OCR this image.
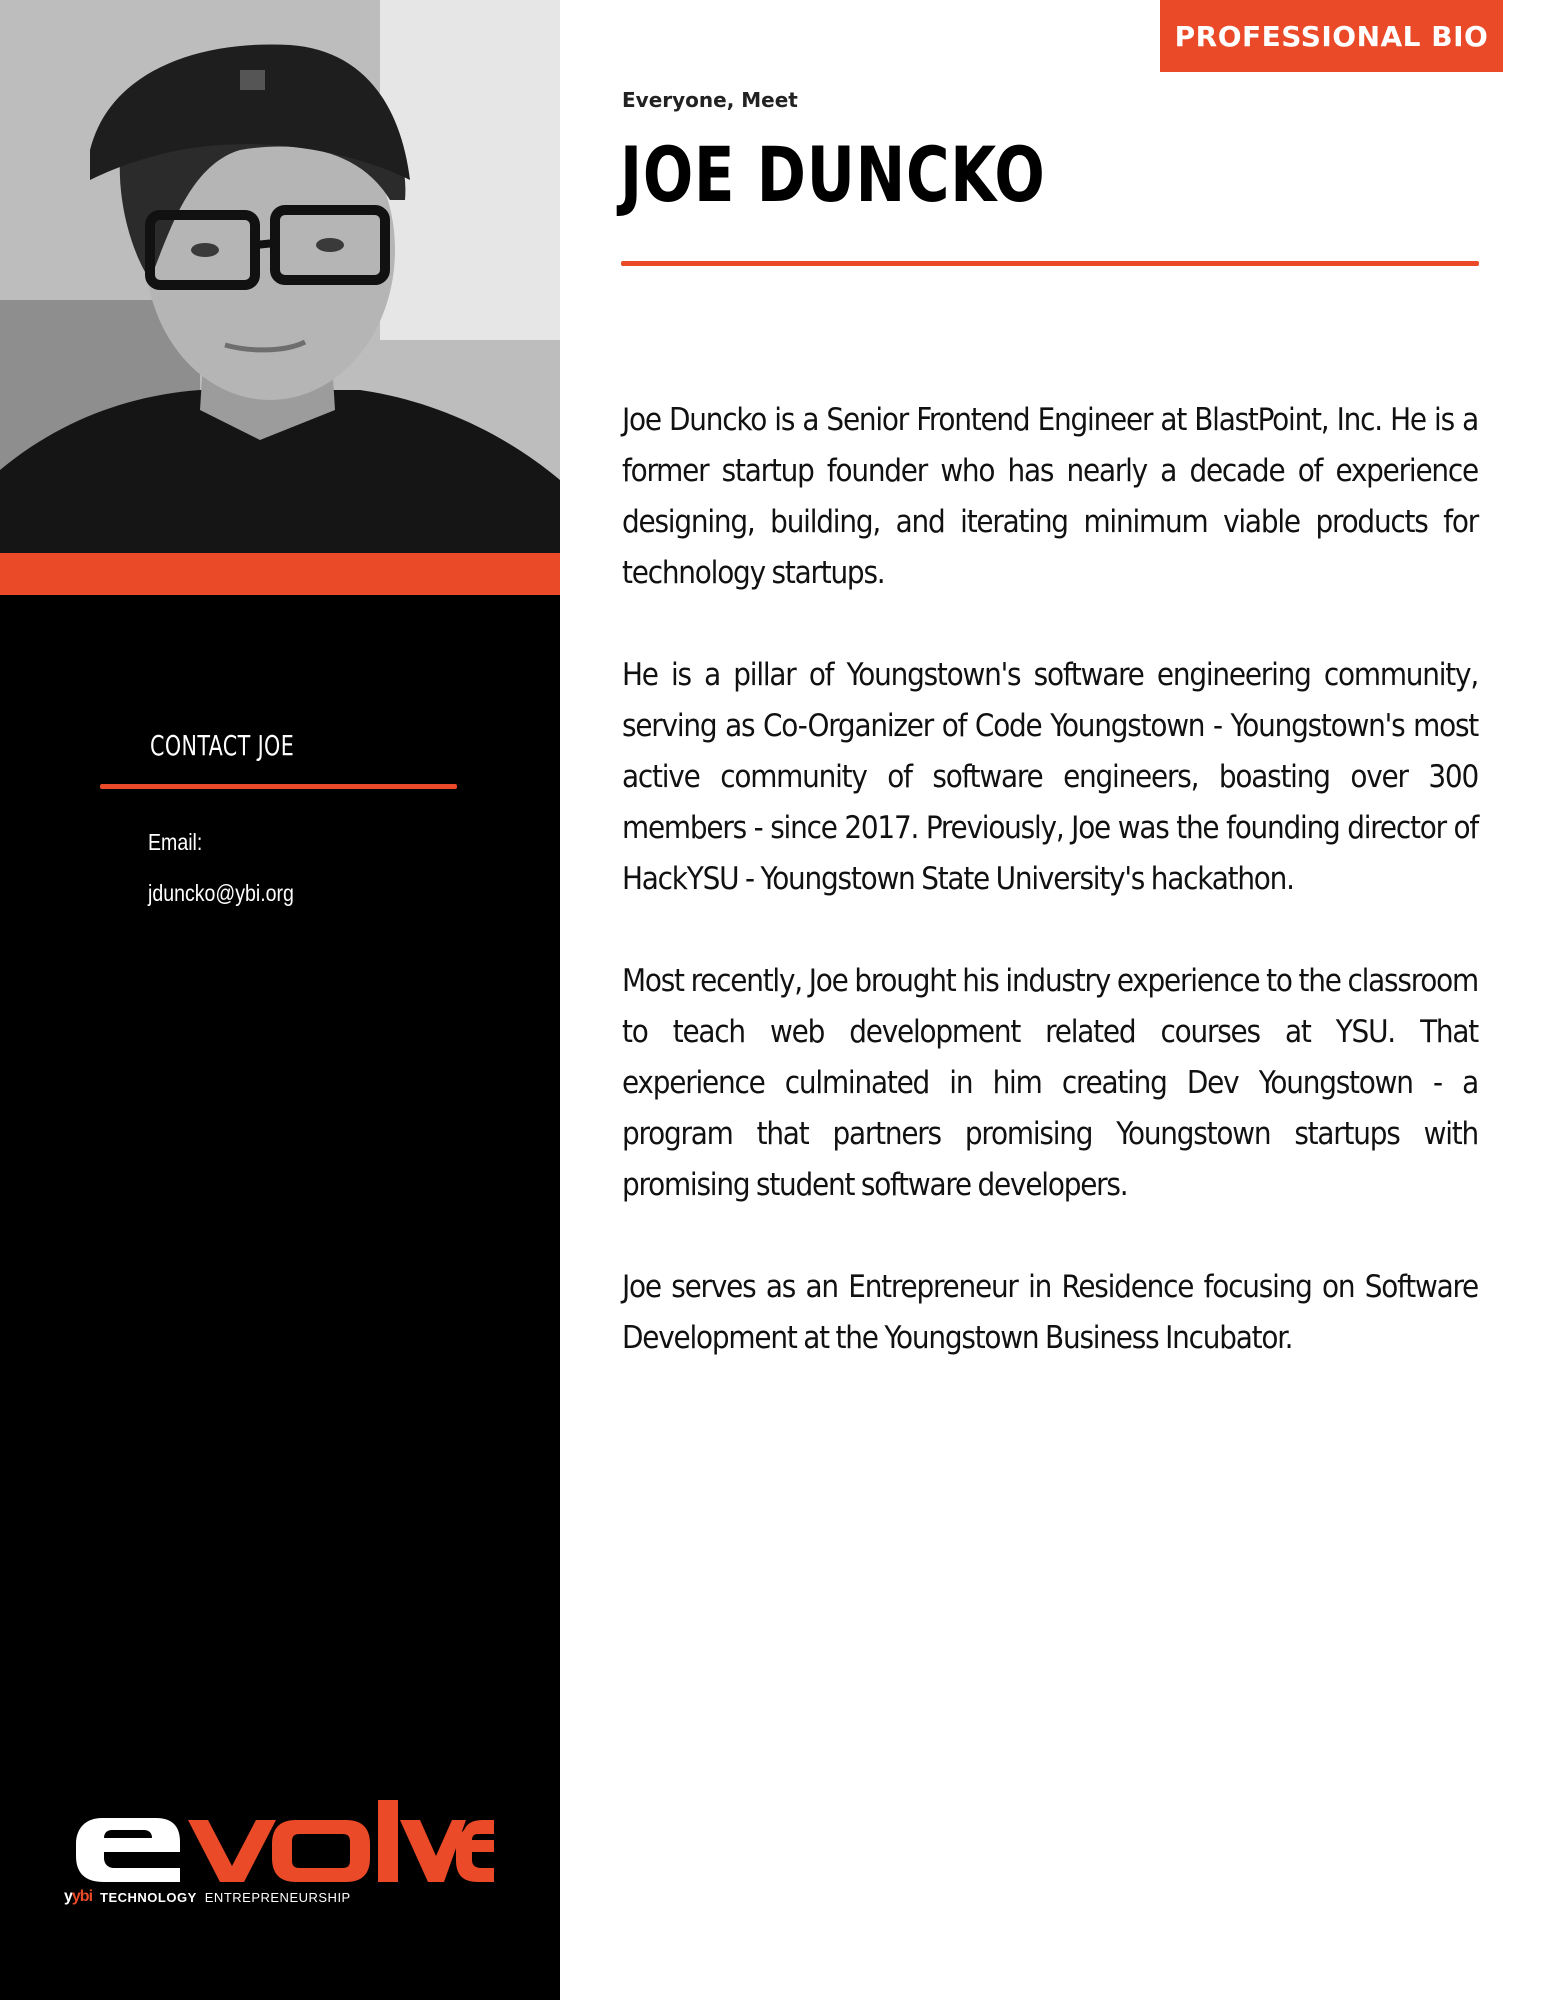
CONTACT JOE
Email:
jduncko@ybi.org
yybi TECHNOLOGY ENTREPRENEURSHIP
PROFESSIONAL BIO
Everyone, Meet
JOE DUNCKO

Joe Duncko is a Senior Frontend Engineer at BlastPoint, Inc. He is a former startup founder who has nearly a decade of experience designing, building, and iterating minimum viable products for technology startups.

He is a pillar of Youngstown's software engineering community, serving as Co-Organizer of Code Youngstown - Youngstown's most active community of software engineers, boasting over 300 members - since 2017. Previously, Joe was the founding director of HackYSU - Youngstown State University's hackathon.

Most recently, Joe brought his industry experience to the classroom to teach web development related courses at YSU. That experience culminated in him creating Dev Youngstown - a program that partners promising Youngstown startups with promising student software developers.

Joe serves as an Entrepreneur in Residence focusing on Software Development at the Youngstown Business Incubator.
